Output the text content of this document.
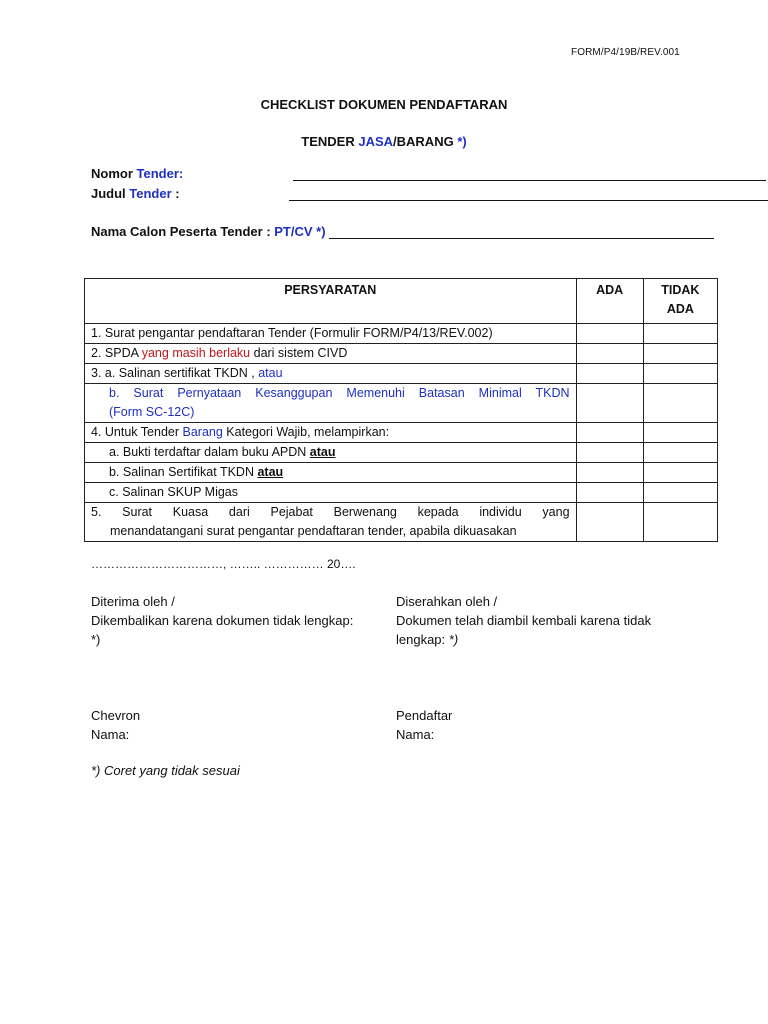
FORM/P4/19B/REV.001
CHECKLIST DOKUMEN PENDAFTARAN
TENDER JASA/BARANG *)
Nomor Tender:
Judul Tender :
Nama Calon Peserta Tender : PT/CV *)
PERSYARATAN	ADA	TIDAK
ADA
1. Surat pengantar pendaftaran Tender (Formulir FORM/P4/13/REV.002)		
2. SPDA yang masih berlaku dari sistem CIVD		
3. a. Salinan sertifikat TKDN , atau		

b. Surat Pernyataan Kesanggupan Memenuhi Batasan Minimal TKDN
(Form SC-12C)		

4. Untuk Tender Barang Kategori Wajib, melampirkan:		
a. Bukti terdaftar dalam buku APDN atau		
b. Salinan Sertifikat TKDN atau		
c. Salinan SKUP Migas		

5. Surat Kuasa dari Pejabat Berwenang kepada individu yang
menandatangani surat pengantar pendaftaran tender, apabila dikuasakan		

……………………………, …….. …………… 20….
Diterima oleh /
Dikembalikan karena dokumen tidak lengkap:
*)
Diserahkan oleh /
Dokumen telah diambil kembali karena tidak
lengkap: *)
Chevron
Nama:
Pendaftar
Nama:
*) Coret yang tidak sesuai
